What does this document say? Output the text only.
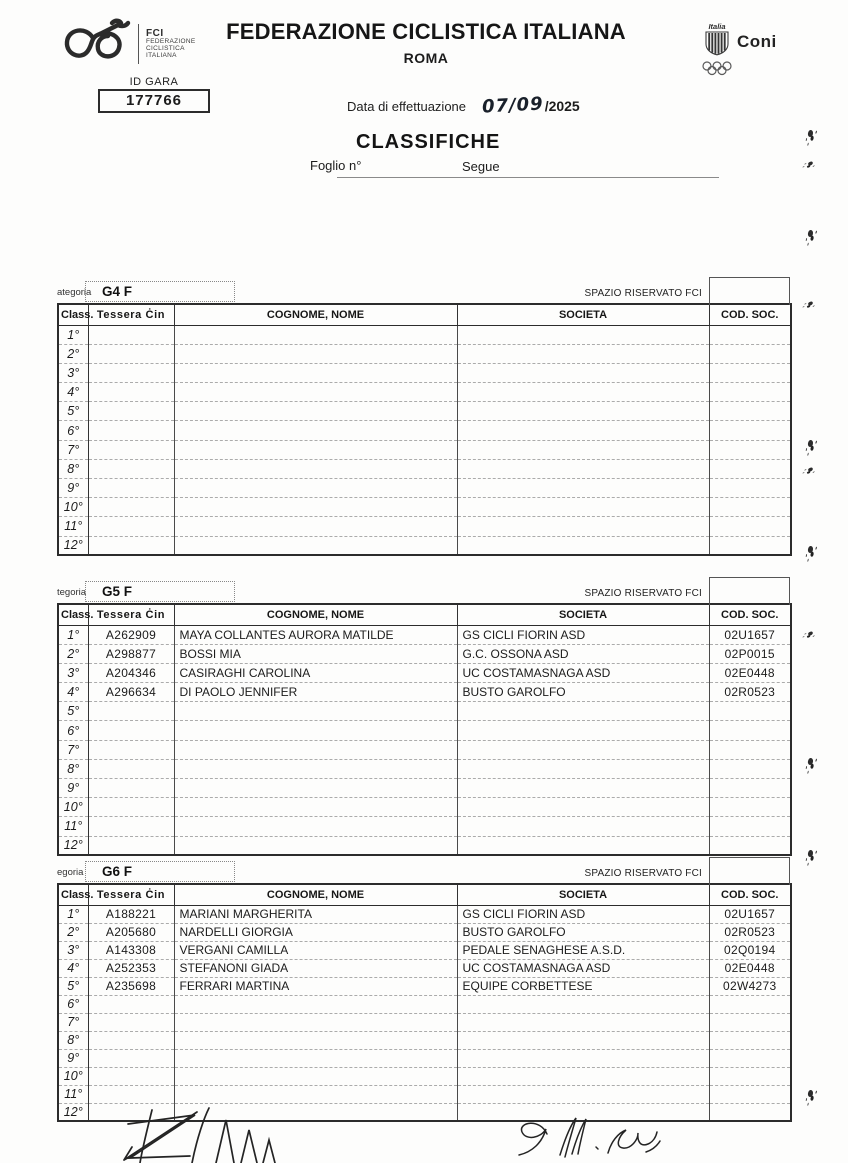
FCI
FEDERAZIONE
CICLISTICA
ITALIANA
ID GARA
177766
FEDERAZIONE CICLISTICA ITALIANA
ROMA
Italia

Coni
Data di effettuazione 07/09 /2025
CLASSIFICHE
Foglio n°	Segue
ategoria G4 F	SPAZIO RISERVATO FCI
Class.	Tessera Ċin	COGNOME, NOME	SOCIETA	COD. SOC.
1°				
2°				
3°				
4°				
5°				
6°				
7°				
8°				
9°				
10°				
11°				
12°				
tegoria	G5 F	SPAZIO RISERVATO FCI
Class.	Tessera Ċin	COGNOME, NOME	SOCIETA	COD. SOC.
1°	A262909	MAYA COLLANTES AURORA MATILDE	GS CICLI FIORIN ASD	02U1657
2°	A298877	BOSSI MIA	G.C. OSSONA ASD	02P0015
3°	A204346	CASIRAGHI CAROLINA	UC COSTAMASNAGA ASD	02E0448
4°	A296634	DI PAOLO JENNIFER	BUSTO GAROLFO	02R0523
5°				
6°				
7°				
8°				
9°				
10°				
11°				
12°				
egoria	G6 F	SPAZIO RISERVATO FCI
Class.	Tessera Ċin	COGNOME, NOME	SOCIETA	COD. SOC.
1°	A188221	MARIANI MARGHERITA	GS CICLI FIORIN ASD	02U1657
2°	A205680	NARDELLI GIORGIA	BUSTO GAROLFO	02R0523
3°	A143308	VERGANI CAMILLA	PEDALE SENAGHESE A.S.D.	02Q0194
4°	A252353	STEFANONI GIADA	UC COSTAMASNAGA ASD	02E0448
5°	A235698	FERRARI MARTINA	EQUIPE CORBETTESE	02W4273
6°				
7°				
8°				
9°				
10°				
11°				
12°				
